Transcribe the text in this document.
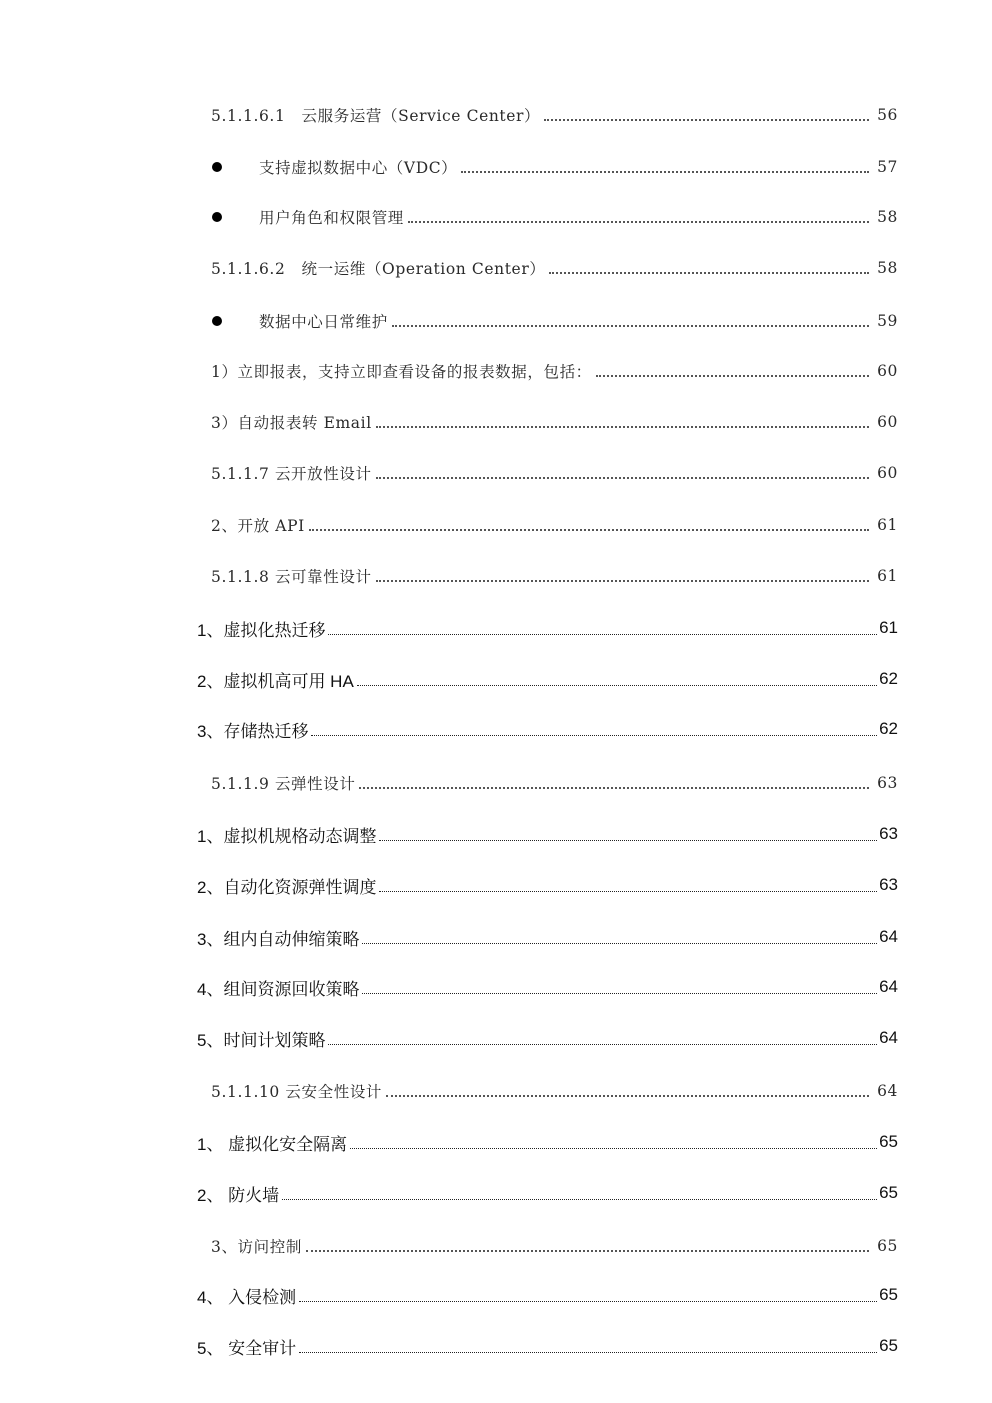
5.1.1.6.1　云服务运营（Service Center）	56
支持虚拟数据中心（VDC）	57
用户角色和权限管理	58
5.1.1.6.2　统一运维（Operation Center）	58
数据中心日常维护	59
1）立即报表，支持立即查看设备的报表数据，包括：	60
3）自动报表转 Email	60
5.1.1.7 云开放性设计	60
2、开放 API	61
5.1.1.8 云可靠性设计	61
1、虚拟化热迁移	61
2、虚拟机高可用 HA	62
3、存储热迁移	62
5.1.1.9 云弹性设计	63
1、虚拟机规格动态调整	63
2、自动化资源弹性调度	63
3、组内自动伸缩策略	64
4、组间资源回收策略	64
5、时间计划策略	64
5.1.1.10 云安全性设计	64
1、 虚拟化安全隔离	65
2、 防火墙	65
3、访问控制	65
4、 入侵检测	65
5、 安全审计	65
